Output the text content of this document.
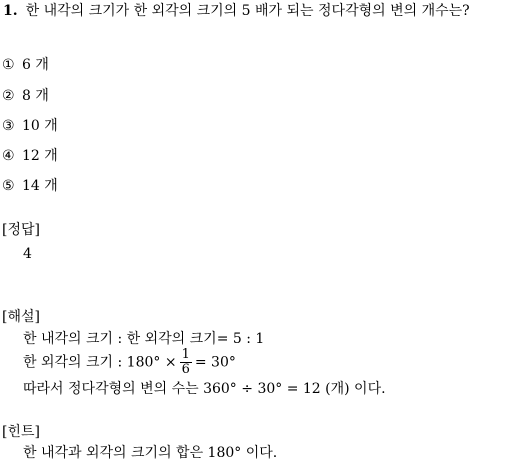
1. 한 내각의 크기가 한 외각의 크기의 5 배가 되는 정다각형의 변의 개수는?
① 6 개
② 8 개
③ 10 개
④ 12 개
⑤ 14 개
[정답]
4
[해설]
한 내각의 크기 : 한 외각의 크기= 5 : 1
한 외각의 크기 : $180^\circ \times \frac{1}{6} = 30^\circ$
따라서 정다각형의 변의 수는 360° ÷ 30° = 12 (개) 이다.
[힌트]
한 내각과 외각의 크기의 합은 180° 이다.
